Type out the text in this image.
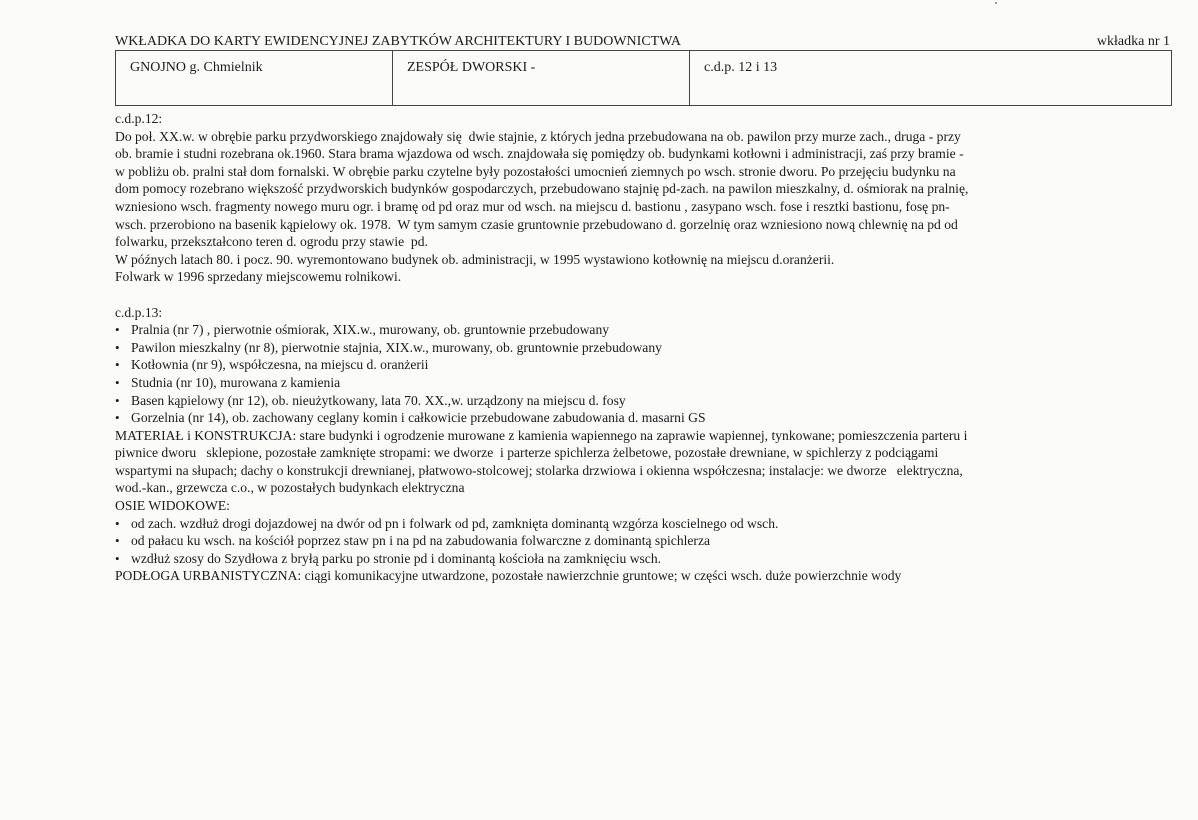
WKŁADKA DO KARTY EWIDENCYJNEJ ZABYTKÓW ARCHITEKTURY I BUDOWNICTWA	wkładka nr 1
GNOJNO g. Chmielnik	ZESPÓŁ DWORSKI -	c.d.p. 12 i 13

c.d.p.12:

Do poł. XX.w. w obrębie parku przydworskiego znajdowały się  dwie stajnie, z których jedna przebudowana na ob. pawilon przy murze zach., druga - przy

ob. bramie i studni rozebrana ok.1960. Stara brama wjazdowa od wsch. znajdowała się pomiędzy ob. budynkami kotłowni i administracji, zaś przy bramie -

w pobliżu ob. pralni stał dom fornalski. W obrębie parku czytelne były pozostałości umocnień ziemnych po wsch. stronie dworu. Po przejęciu budynku na

dom pomocy rozebrano większość przydworskich budynków gospodarczych, przebudowano stajnię pd-zach. na pawilon mieszkalny, d. ośmiorak na pralnię,

wzniesiono wsch. fragmenty nowego muru ogr. i bramę od pd oraz mur od wsch. na miejscu d. bastionu , zasypano wsch. fose i resztki bastionu, fosę pn-

wsch. przerobiono na basenik kąpielowy ok. 1978.  W tym samym czasie gruntownie przebudowano d. gorzelnię oraz wzniesiono nową chlewnię na pd od

folwarku, przekształcono teren d. ogrodu przy stawie  pd.

W późnych latach 80. i pocz. 90. wyremontowano budynek ob. administracji, w 1995 wystawiono kotłownię na miejscu d.oranżerii.

Folwark w 1996 sprzedany miejscowemu rolnikowi.

c.d.p.13:

• Pralnia (nr 7) , pierwotnie ośmiorak, XIX.w., murowany, ob. gruntownie przebudowany
• Pawilon mieszkalny (nr 8), pierwotnie stajnia, XIX.w., murowany, ob. gruntownie przebudowany
• Kotłownia (nr 9), współczesna, na miejscu d. oranżerii
• Studnia (nr 10), murowana z kamienia
• Basen kąpielowy (nr 12), ob. nieużytkowany, lata 70. XX.,w. urządzony na miejscu d. fosy
• Gorzelnia (nr 14), ob. zachowany ceglany komin i całkowicie przebudowane zabudowania d. masarni GS

MATERIAŁ i KONSTRUKCJA: stare budynki i ogrodzenie murowane z kamienia wapiennego na zaprawie wapiennej, tynkowane; pomieszczenia parteru i

piwnice dworu   sklepione, pozostałe zamknięte stropami: we dworze  i parterze spichlerza żelbetowe, pozostałe drewniane, w spichlerzy z podciągami

wspartymi na słupach; dachy o konstrukcji drewnianej, płatwowo-stolcowej; stolarka drzwiowa i okienna współczesna; instalacje: we dworze   elektryczna,

wod.-kan., grzewcza c.o., w pozostałych budynkach elektryczna

OSIE WIDOKOWE:

• od zach. wzdłuż drogi dojazdowej na dwór od pn i folwark od pd, zamknięta dominantą wzgórza koscielnego od wsch.
• od pałacu ku wsch. na kościół poprzez staw pn i na pd na zabudowania folwarczne z dominantą spichlerza
• wzdłuż szosy do Szydłowa z bryłą parku po stronie pd i dominantą kościoła na zamknięciu wsch.

PODŁOGA URBANISTYCZNA: ciągi komunikacyjne utwardzone, pozostałe nawierzchnie gruntowe; w części wsch. duże powierzchnie wody
